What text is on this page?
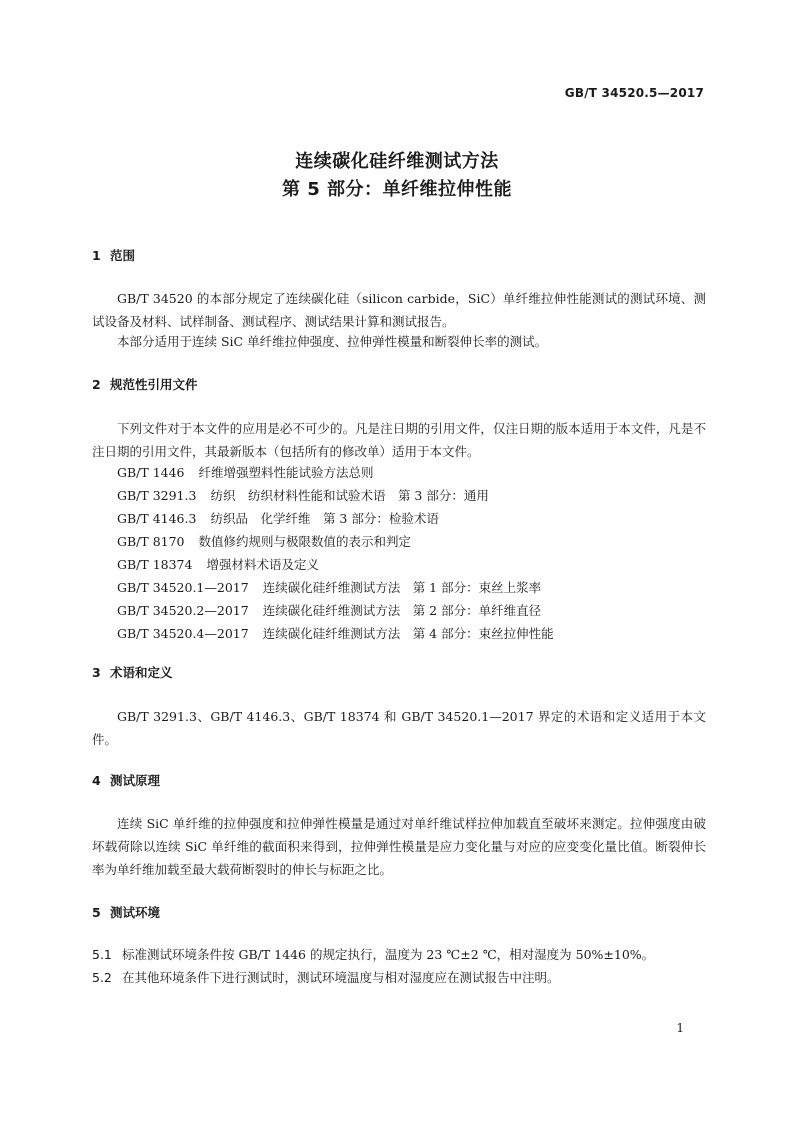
GB/T 34520.5—2017
连续碳化硅纤维测试方法
第 5 部分：单纤维拉伸性能
1 范围
GB/T 34520 的本部分规定了连续碳化硅（silicon carbide，SiC）单纤维拉伸性能测试的测试环境、测试设备及材料、试样制备、测试程序、测试结果计算和测试报告。
本部分适用于连续 SiC 单纤维拉伸强度、拉伸弹性模量和断裂伸长率的测试。
2 规范性引用文件
下列文件对于本文件的应用是必不可少的。凡是注日期的引用文件，仅注日期的版本适用于本文件，凡是不注日期的引用文件，其最新版本（包括所有的修改单）适用于本文件。
GB/T 1446 纤维增强塑料性能试验方法总则
GB/T 3291.3 纺织　纺织材料性能和试验术语　第 3 部分：通用
GB/T 4146.3 纺织品　化学纤维　第 3 部分：检验术语
GB/T 8170 数值修约规则与极限数值的表示和判定
GB/T 18374 增强材料术语及定义
GB/T 34520.1—2017 连续碳化硅纤维测试方法　第 1 部分：束丝上浆率
GB/T 34520.2—2017 连续碳化硅纤维测试方法　第 2 部分：单纤维直径
GB/T 34520.4—2017 连续碳化硅纤维测试方法　第 4 部分：束丝拉伸性能
3 术语和定义
GB/T 3291.3、GB/T 4146.3、GB/T 18374 和 GB/T 34520.1—2017 界定的术语和定义适用于本文件。
4 测试原理
连续 SiC 单纤维的拉伸强度和拉伸弹性模量是通过对单纤维试样拉伸加载直至破坏来测定。拉伸强度由破坏载荷除以连续 SiC 单纤维的截面积来得到，拉伸弹性模量是应力变化量与对应的应变变化量比值。断裂伸长率为单纤维加载至最大载荷断裂时的伸长与标距之比。
5 测试环境
5.1 标准测试环境条件按 GB/T 1446 的规定执行，温度为 23 ℃±2 ℃，相对湿度为 50%±10%。
5.2 在其他环境条件下进行测试时，测试环境温度与相对湿度应在测试报告中注明。
1
